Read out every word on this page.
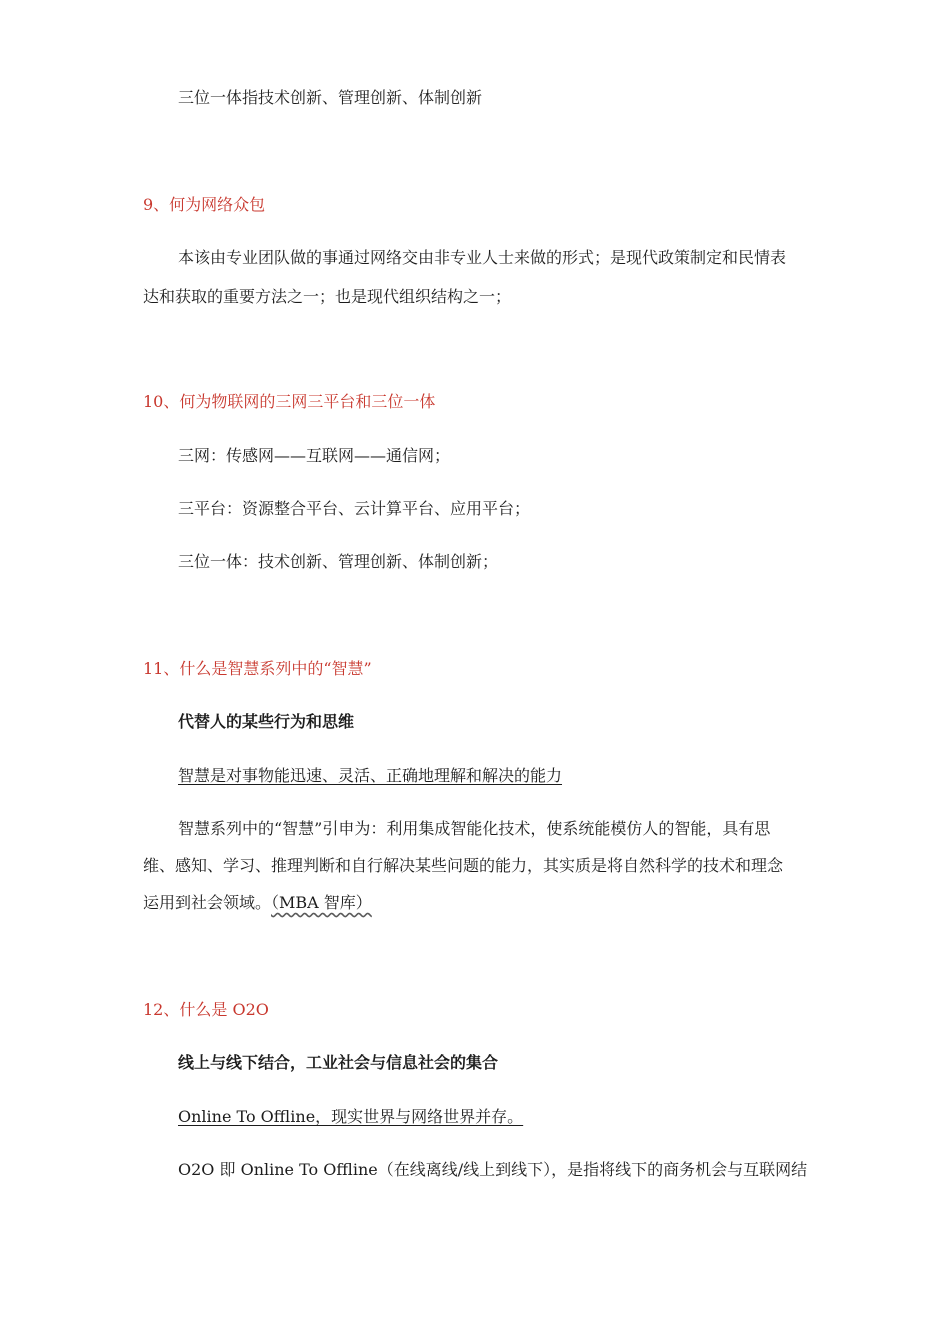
三位一体指技术创新、管理创新、体制创新
9、何为网络众包
本该由专业团队做的事通过网络交由非专业人士来做的形式；是现代政策制定和民情表
达和获取的重要方法之一；也是现代组织结构之一；
10、何为物联网的三网三平台和三位一体
三网：传感网——互联网——通信网；
三平台：资源整合平台、云计算平台、应用平台；
三位一体：技术创新、管理创新、体制创新；
11、什么是智慧系列中的“智慧”
代替人的某些行为和思维
智慧是对事物能迅速、灵活、正确地理解和解决的能力
智慧系列中的“智慧”引申为：利用集成智能化技术，使系统能模仿人的智能，具有思
维、感知、学习、推理判断和自行解决某些问题的能力，其实质是将自然科学的技术和理念
运用到社会领域。（MBA 智库）
12、什么是 O2O
线上与线下结合，工业社会与信息社会的集合
Online To Offline，现实世界与网络世界并存。
O2O 即 Online To Offline（在线离线/线上到线下），是指将线下的商务机会与互联网结
